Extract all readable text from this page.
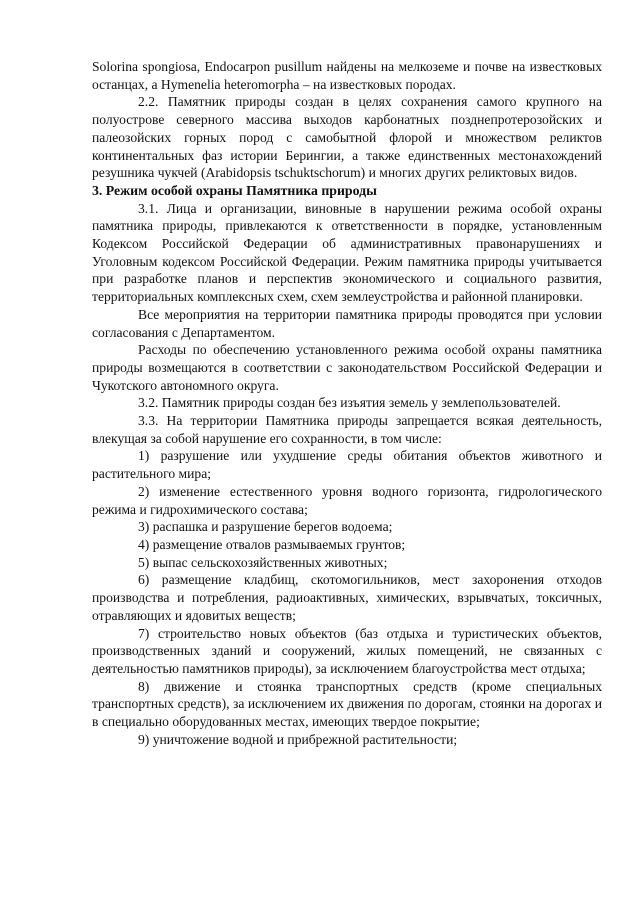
Solorina spongiosa, Endocarpon pusillum найдены на мелкоземе и почве на известковых останцах, а Hymenelia heteromorpha – на известковых породах.

2.2. Памятник природы создан в целях сохранения самого крупного на полуострове северного массива выходов карбонатных позднепротерозойских и палеозойских горных пород с самобытной флорой и множеством реликтов континентальных фаз истории Берингии, а также единственных местонахождений резушника чукчей (Arabidopsis tschuktschorum) и многих других реликтовых видов.

3. Режим особой охраны Памятника природы

3.1. Лица и организации, виновные в нарушении режима особой охраны памятника природы, привлекаются к ответственности в порядке, установленным Кодексом Российской Федерации об административных правонарушениях и Уголовным кодексом Российской Федерации. Режим памятника природы учитывается при разработке планов и перспектив экономического и социального развития, территориальных комплексных схем, схем землеустройства и районной планировки.

Все мероприятия на территории памятника природы проводятся при условии согласования с Департаментом.

Расходы по обеспечению установленного режима особой охраны памятника природы возмещаются в соответствии с законодательством Российской Федерации и Чукотского автономного округа.

3.2. Памятник природы создан без изъятия земель у землепользователей.

3.3. На территории Памятника природы запрещается всякая деятельность, влекущая за собой нарушение его сохранности, в том числе:

1) разрушение или ухудшение среды обитания объектов животного и растительного мира;

2) изменение естественного уровня водного горизонта, гидрологического режима и гидрохимического состава;

3) распашка и разрушение берегов водоема;

4) размещение отвалов размываемых грунтов;

5) выпас сельскохозяйственных животных;

6) размещение кладбищ, скотомогильников, мест захоронения отходов производства и потребления, радиоактивных, химических, взрывчатых, токсичных, отравляющих и ядовитых веществ;

7) строительство новых объектов (баз отдыха и туристических объектов, производственных зданий и сооружений, жилых помещений, не связанных с деятельностью памятников природы), за исключением благоустройства мест отдыха;

8) движение и стоянка транспортных средств (кроме специальных транспортных средств), за исключением их движения по дорогам, стоянки на дорогах и в специально оборудованных местах, имеющих твердое покрытие;

9) уничтожение водной и прибрежной растительности;
